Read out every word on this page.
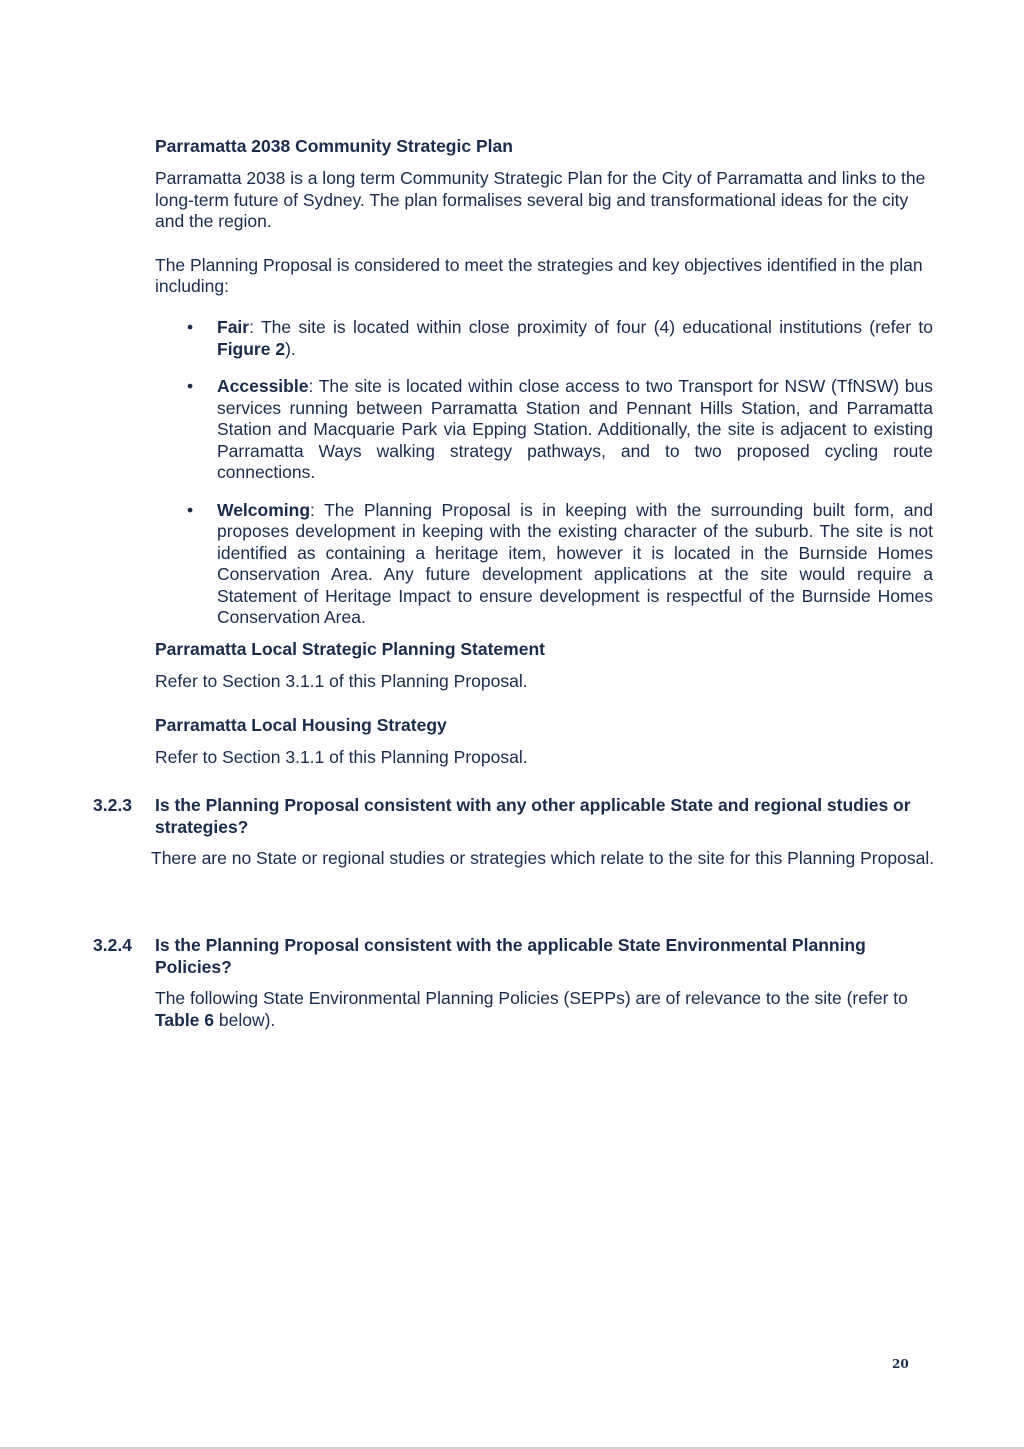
Parramatta 2038 Community Strategic Plan

Parramatta 2038 is a long term Community Strategic Plan for the City of Parramatta and links to the long-term future of Sydney. The plan formalises several big and transformational ideas for the city and the region.

The Planning Proposal is considered to meet the strategies and key objectives identified in the plan including:

• Fair: The site is located within close proximity of four (4) educational institutions (refer to Figure 2).

• Accessible: The site is located within close access to two Transport for NSW (TfNSW) bus services running between Parramatta Station and Pennant Hills Station, and Parramatta Station and Macquarie Park via Epping Station. Additionally, the site is adjacent to existing Parramatta Ways walking strategy pathways, and to two proposed cycling route connections.

• Welcoming: The Planning Proposal is in keeping with the surrounding built form, and proposes development in keeping with the existing character of the suburb. The site is not identified as containing a heritage item, however it is located in the Burnside Homes Conservation Area. Any future development applications at the site would require a Statement of Heritage Impact to ensure development is respectful of the Burnside Homes Conservation Area.

Parramatta Local Strategic Planning Statement

Refer to Section 3.1.1 of this Planning Proposal.

Parramatta Local Housing Strategy

Refer to Section 3.1.1 of this Planning Proposal.

3.2.3 Is the Planning Proposal consistent with any other applicable State and regional studies or strategies?

There are no State or regional studies or strategies which relate to the site for this Planning Proposal.

3.2.4 Is the Planning Proposal consistent with the applicable State Environmental Planning Policies?

The following State Environmental Planning Policies (SEPPs) are of relevance to the site (refer to Table 6 below).

20
